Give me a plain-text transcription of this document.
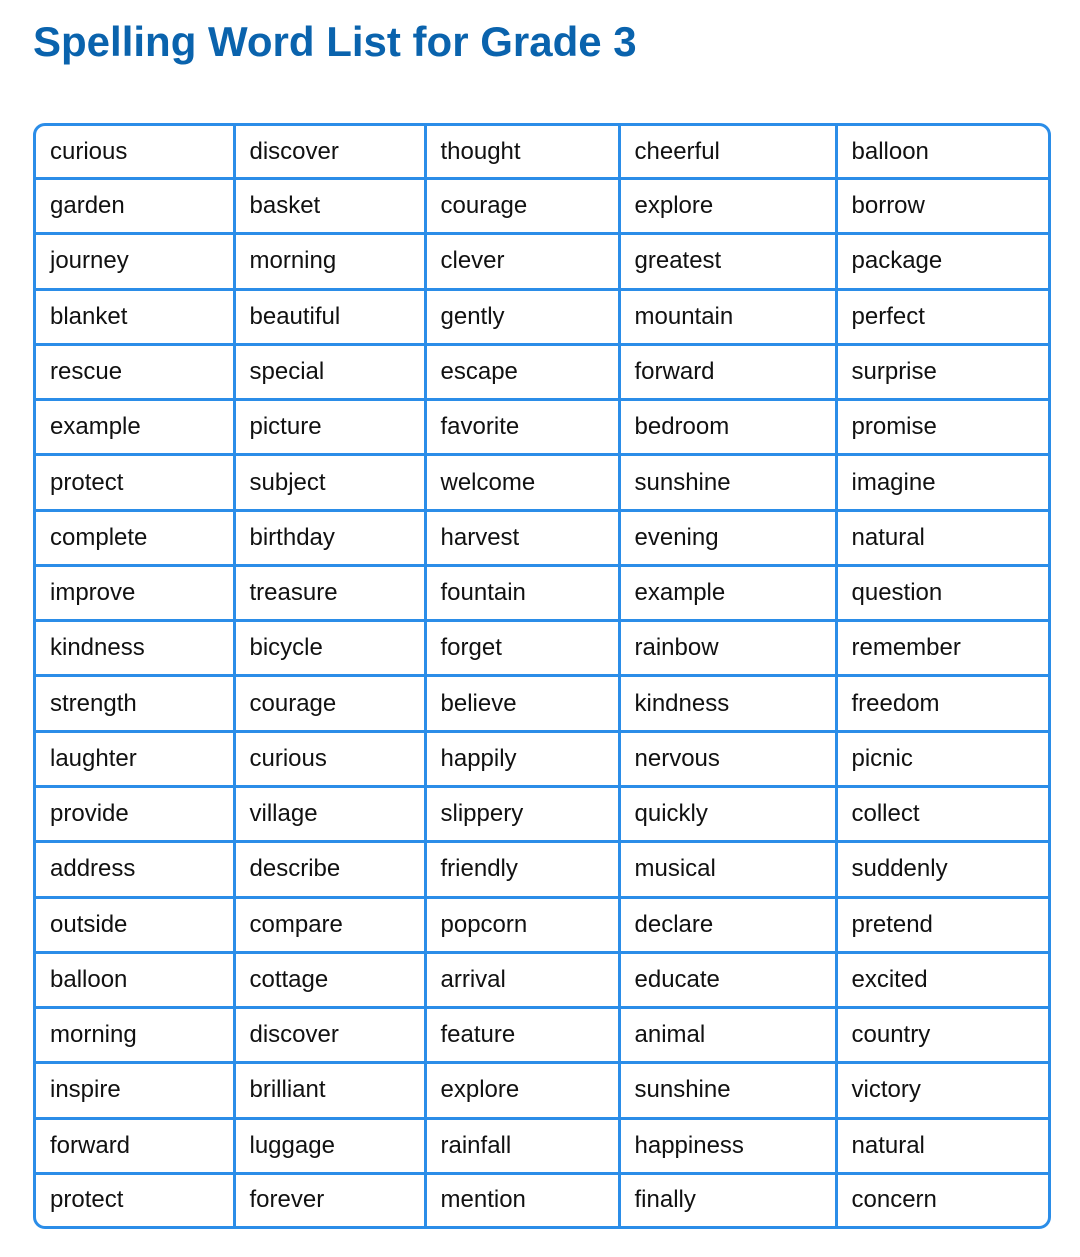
Spelling Word List for Grade 3
curious	discover	thought	cheerful	balloon
garden	basket	courage	explore	borrow
journey	morning	clever	greatest	package
blanket	beautiful	gently	mountain	perfect
rescue	special	escape	forward	surprise
example	picture	favorite	bedroom	promise
protect	subject	welcome	sunshine	imagine
complete	birthday	harvest	evening	natural
improve	treasure	fountain	example	question
kindness	bicycle	forget	rainbow	remember
strength	courage	believe	kindness	freedom
laughter	curious	happily	nervous	picnic
provide	village	slippery	quickly	collect
address	describe	friendly	musical	suddenly
outside	compare	popcorn	declare	pretend
balloon	cottage	arrival	educate	excited
morning	discover	feature	animal	country
inspire	brilliant	explore	sunshine	victory
forward	luggage	rainfall	happiness	natural
protect	forever	mention	finally	concern
